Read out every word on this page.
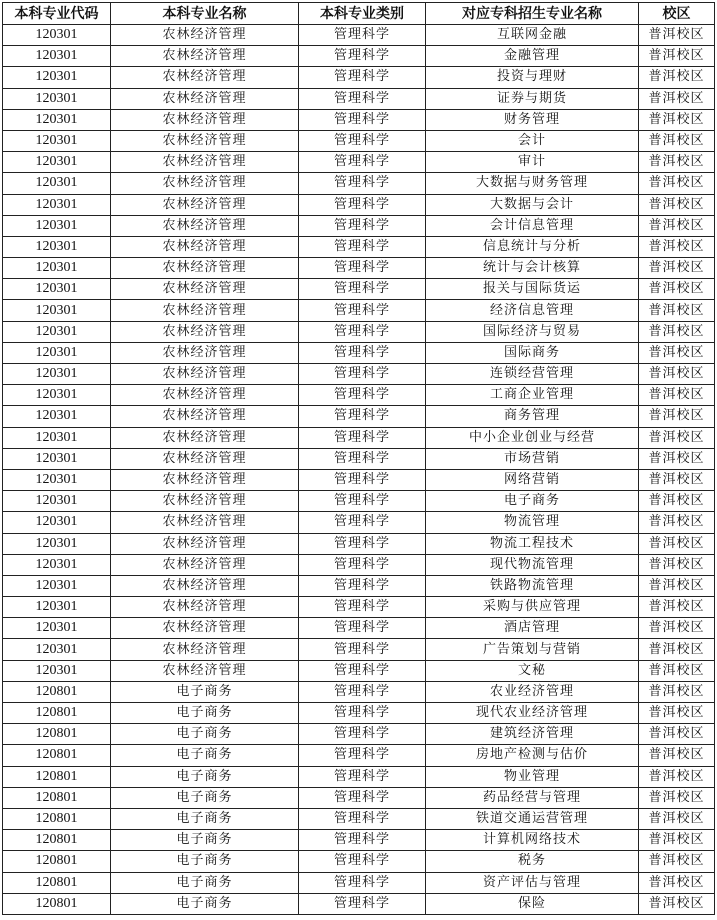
本科专业代码	本科专业名称	本科专业类别	对应专科招生专业名称	校区
120301	农林经济管理	管理科学	互联网金融	普洱校区
120301	农林经济管理	管理科学	金融管理	普洱校区
120301	农林经济管理	管理科学	投资与理财	普洱校区
120301	农林经济管理	管理科学	证券与期货	普洱校区
120301	农林经济管理	管理科学	财务管理	普洱校区
120301	农林经济管理	管理科学	会计	普洱校区
120301	农林经济管理	管理科学	审计	普洱校区
120301	农林经济管理	管理科学	大数据与财务管理	普洱校区
120301	农林经济管理	管理科学	大数据与会计	普洱校区
120301	农林经济管理	管理科学	会计信息管理	普洱校区
120301	农林经济管理	管理科学	信息统计与分析	普洱校区
120301	农林经济管理	管理科学	统计与会计核算	普洱校区
120301	农林经济管理	管理科学	报关与国际货运	普洱校区
120301	农林经济管理	管理科学	经济信息管理	普洱校区
120301	农林经济管理	管理科学	国际经济与贸易	普洱校区
120301	农林经济管理	管理科学	国际商务	普洱校区
120301	农林经济管理	管理科学	连锁经营管理	普洱校区
120301	农林经济管理	管理科学	工商企业管理	普洱校区
120301	农林经济管理	管理科学	商务管理	普洱校区
120301	农林经济管理	管理科学	中小企业创业与经营	普洱校区
120301	农林经济管理	管理科学	市场营销	普洱校区
120301	农林经济管理	管理科学	网络营销	普洱校区
120301	农林经济管理	管理科学	电子商务	普洱校区
120301	农林经济管理	管理科学	物流管理	普洱校区
120301	农林经济管理	管理科学	物流工程技术	普洱校区
120301	农林经济管理	管理科学	现代物流管理	普洱校区
120301	农林经济管理	管理科学	铁路物流管理	普洱校区
120301	农林经济管理	管理科学	采购与供应管理	普洱校区
120301	农林经济管理	管理科学	酒店管理	普洱校区
120301	农林经济管理	管理科学	广告策划与营销	普洱校区
120301	农林经济管理	管理科学	文秘	普洱校区
120801	电子商务	管理科学	农业经济管理	普洱校区
120801	电子商务	管理科学	现代农业经济管理	普洱校区
120801	电子商务	管理科学	建筑经济管理	普洱校区
120801	电子商务	管理科学	房地产检测与估价	普洱校区
120801	电子商务	管理科学	物业管理	普洱校区
120801	电子商务	管理科学	药品经营与管理	普洱校区
120801	电子商务	管理科学	铁道交通运营管理	普洱校区
120801	电子商务	管理科学	计算机网络技术	普洱校区
120801	电子商务	管理科学	税务	普洱校区
120801	电子商务	管理科学	资产评估与管理	普洱校区
120801	电子商务	管理科学	保险	普洱校区
